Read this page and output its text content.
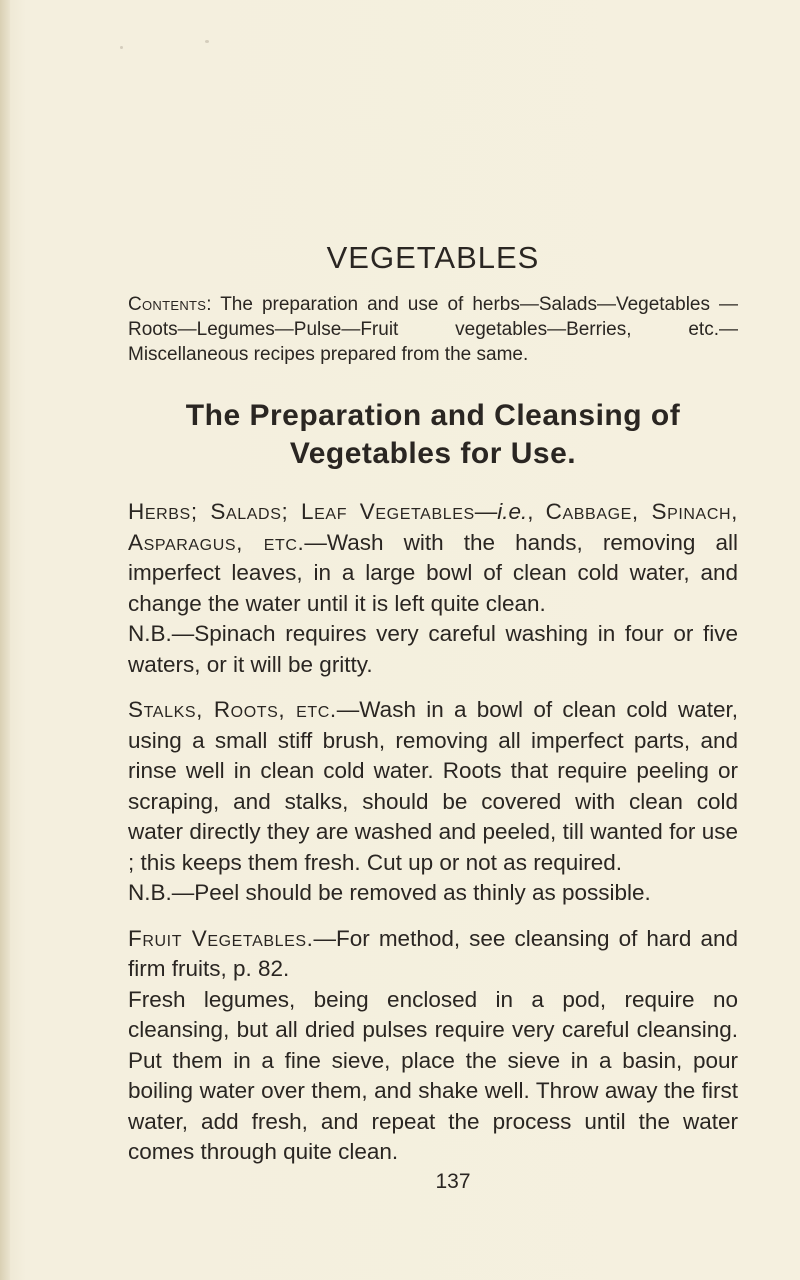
VEGETABLES

Contents: The preparation and use of herbs—Salads—Vegetables —Roots—Legumes—Pulse—Fruit vegetables—Berries, etc.— Miscellaneous recipes prepared from the same.

The Preparation and Cleansing of Vegetables for Use.

Herbs; Salads; Leaf Vegetables—i.e., Cabbage, Spinach, Asparagus, etc.—Wash with the hands, removing all imperfect leaves, in a large bowl of clean cold water, and change the water until it is left quite clean.

N.B.—Spinach requires very careful washing in four or five waters, or it will be gritty.

Stalks, Roots, etc.—Wash in a bowl of clean cold water, using a small stiff brush, removing all imperfect parts, and rinse well in clean cold water. Roots that require peeling or scraping, and stalks, should be covered with clean cold water directly they are washed and peeled, till wanted for use ; this keeps them fresh. Cut up or not as required.

N.B.—Peel should be removed as thinly as possible.

Fruit Vegetables.—For method, see cleansing of hard and firm fruits, p. 82.

Fresh legumes, being enclosed in a pod, require no cleansing, but all dried pulses require very careful cleansing. Put them in a fine sieve, place the sieve in a basin, pour boiling water over them, and shake well. Throw away the first water, add fresh, and repeat the process until the water comes through quite clean.

137
